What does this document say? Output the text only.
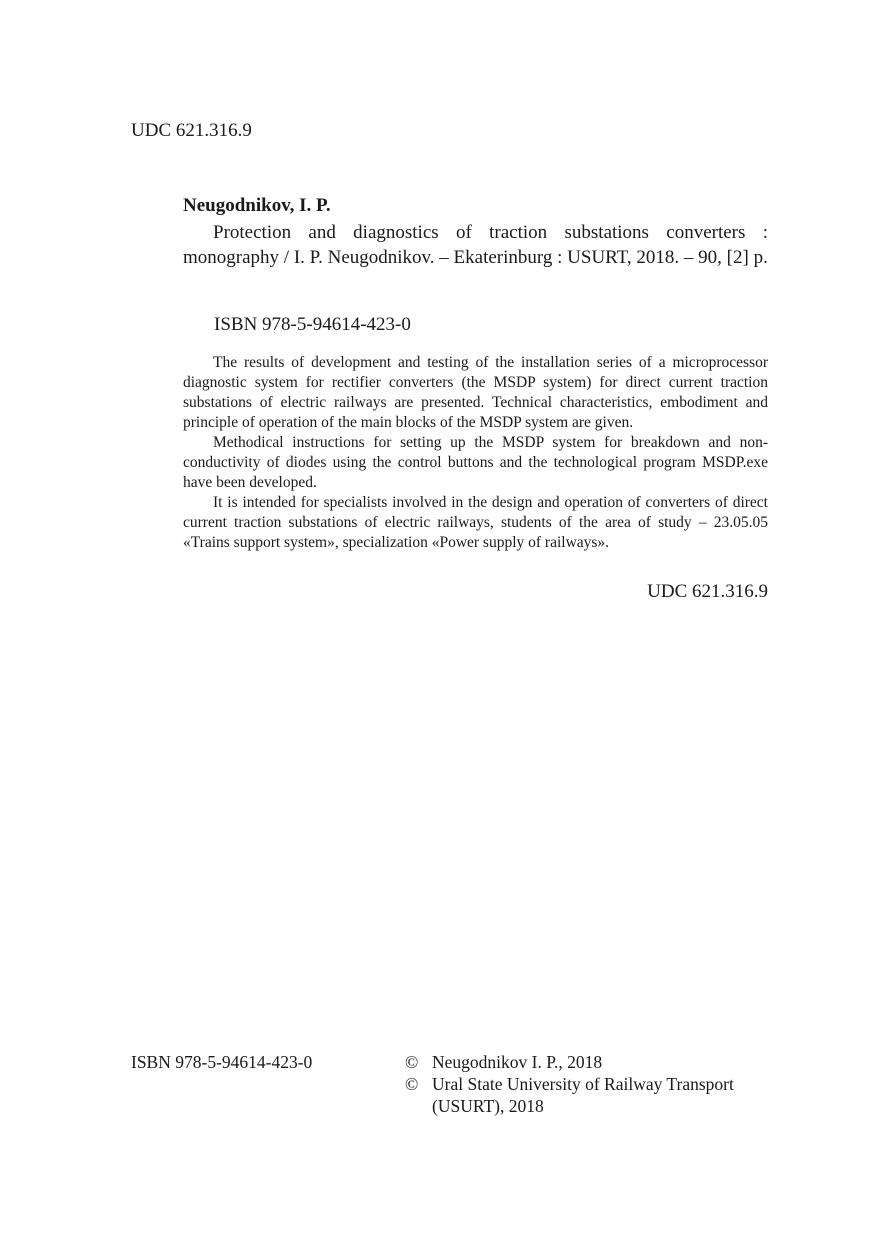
UDC 621.316.9

Neugodnikov, I. P.

Protection and diagnostics of traction substations converters : monography / I. P. Neugodnikov. – Ekaterinburg : USURT, 2018. – 90, [2] p.

ISBN 978-5-94614-423-0

The results of development and testing of the installation series of a microprocessor diagnostic system for rectifier converters (the MSDP system) for direct current traction substations of electric railways are presented. Technical characteristics, embodiment and principle of operation of the main blocks of the MSDP system are given.

Methodical instructions for setting up the MSDP system for breakdown and non-conductivity of diodes using the control buttons and the technological program MSDP.exe have been developed.

It is intended for specialists involved in the design and operation of converters of direct current traction substations of electric railways, students of the area of study – 23.05.05 «Trains support system», specialization «Power supply of railways».

UDC 621.316.9
ISBN 978-5-94614-423-0	© Neugodnikov I. P., 2018
© Ural State University of Railway Transport
(USURT), 2018
